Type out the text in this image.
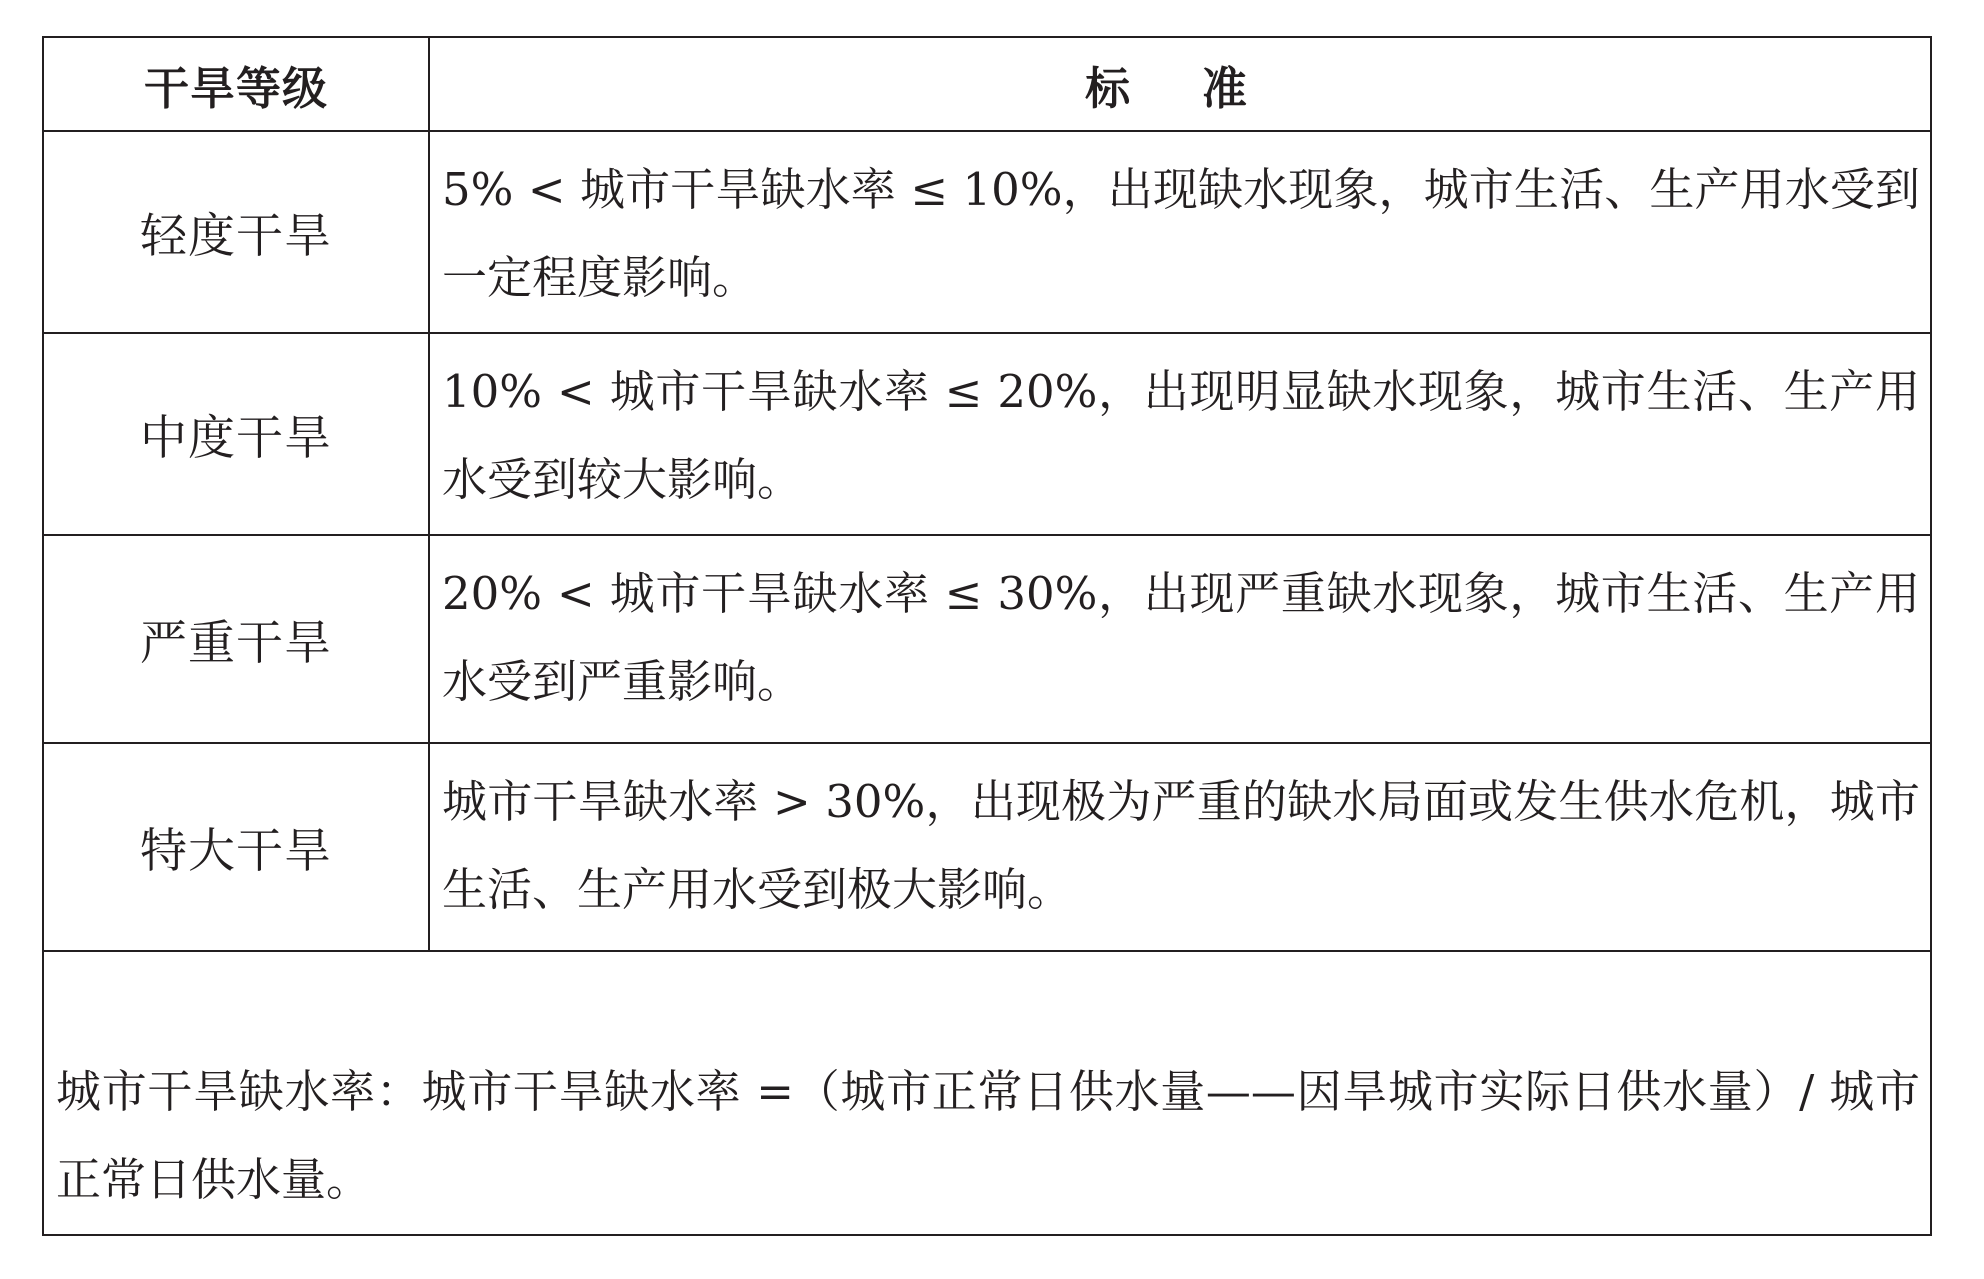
干旱等级	标 准
轻度干旱
5% < 城市干旱缺水率 ≤ 10%，出现缺水现象，城市生活、生产用水受到一定程度影响。
中度干旱
10% < 城市干旱缺水率 ≤ 20%，出现明显缺水现象，城市生活、生产用水受到较大影响。
严重干旱
20% < 城市干旱缺水率 ≤ 30%，出现严重缺水现象，城市生活、生产用水受到严重影响。
特大干旱
城市干旱缺水率 > 30%，出现极为严重的缺水局面或发生供水危机，城市生活、生产用水受到极大影响。
城市干旱缺水率：城市干旱缺水率 =（城市正常日供水量——因旱城市实际日供水量）/ 城市正常日供水量。
